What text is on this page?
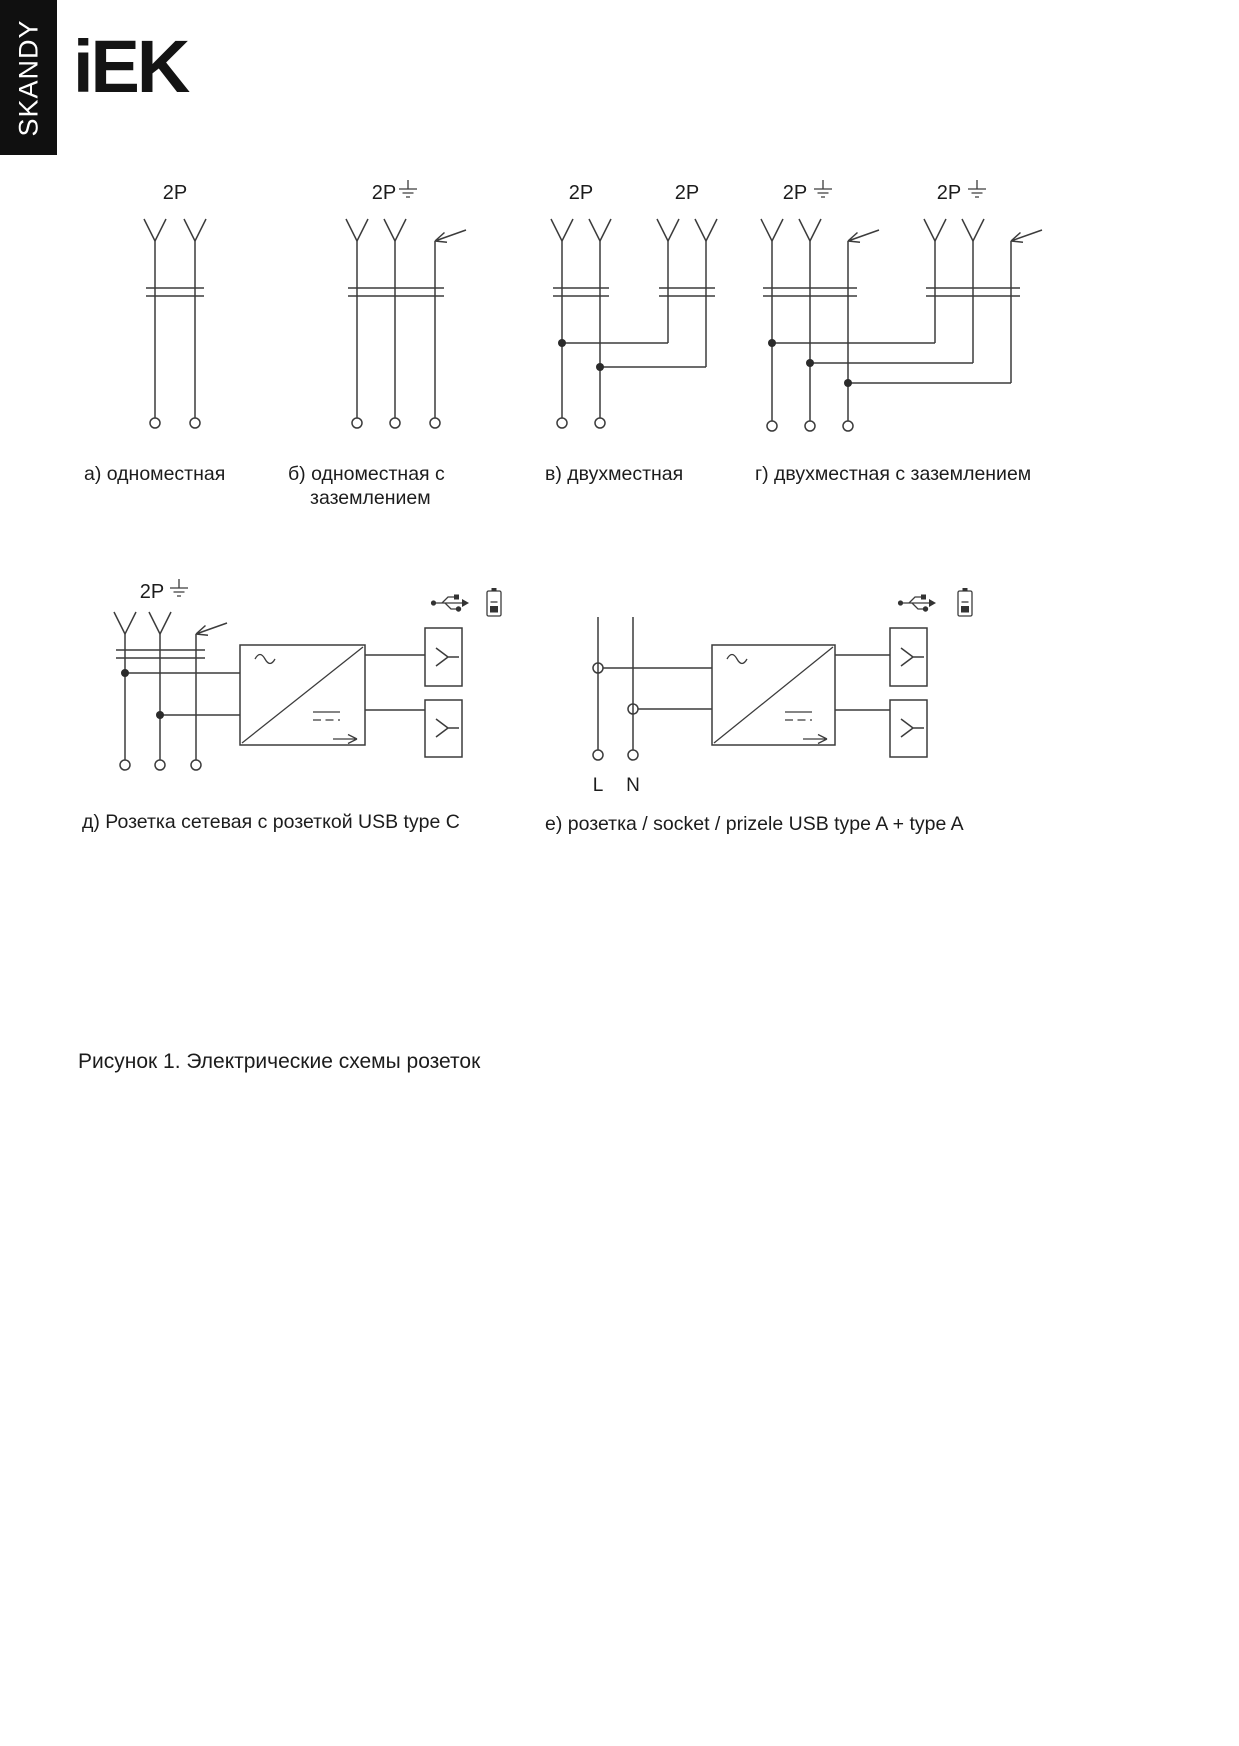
SKANDY iEK
2P	2P	2P	2P	2P	2P
2P
L N
а) одноместная	б) одноместная с
заземлением
в) двухместная	г) двухместная с заземлением
д) Розетка сетевая с розеткой USB type C	е) розетка / socket / prizele USB type A + type A
Рисунок 1. Электрические схемы розеток
